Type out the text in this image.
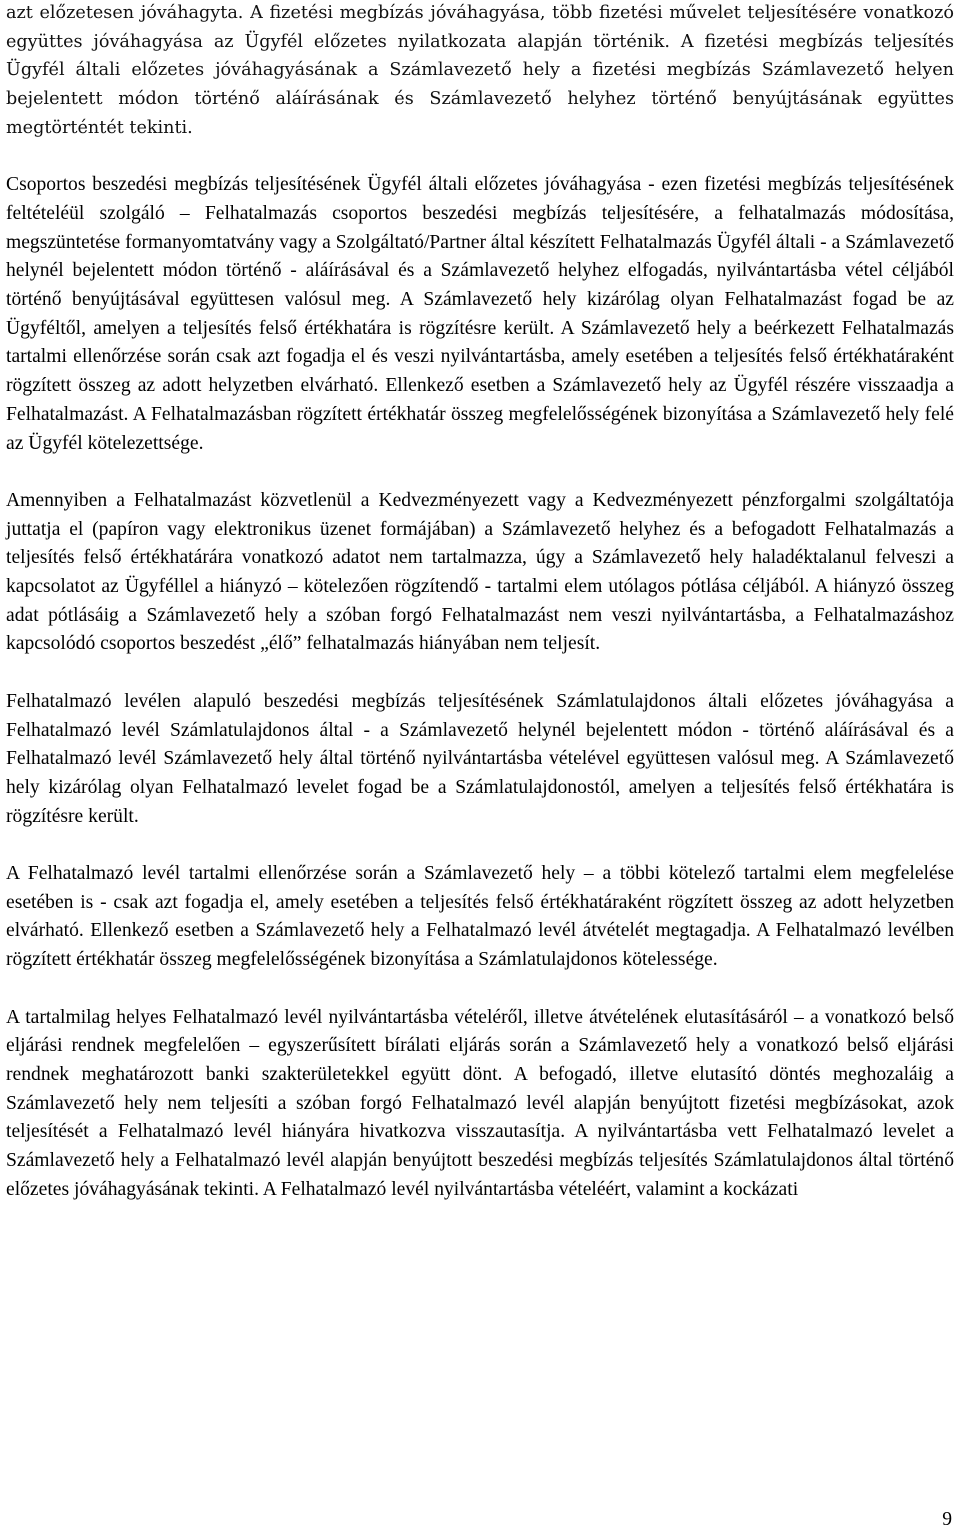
azt előzetesen jóváhagyta. A fizetési megbízás jóváhagyása, több fizetési művelet teljesítésére vonatkozó együttes jóváhagyása az Ügyfél előzetes nyilatkozata alapján történik. A fizetési megbízás teljesítés Ügyfél általi előzetes jóváhagyásának a Számlavezető hely a fizetési megbízás Számlavezető helyen bejelentett módon történő aláírásának és Számlavezető helyhez történő benyújtásának együttes megtörténtét tekinti.

Csoportos beszedési megbízás teljesítésének Ügyfél általi előzetes jóváhagyása - ezen fizetési megbízás teljesítésének feltételéül szolgáló – Felhatalmazás csoportos beszedési megbízás teljesítésére, a felhatalmazás módosítása, megszüntetése formanyomtatvány vagy a Szolgáltató/Partner által készített Felhatalmazás Ügyfél általi - a Számlavezető helynél bejelentett módon történő - aláírásával és a Számlavezető helyhez elfogadás, nyilvántartásba vétel céljából történő benyújtásával együttesen valósul meg. A Számlavezető hely kizárólag olyan Felhatalmazást fogad be az Ügyféltől, amelyen a teljesítés felső értékhatára is rögzítésre került. A Számlavezető hely a beérkezett Felhatalmazás tartalmi ellenőrzése során csak azt fogadja el és veszi nyilvántartásba, amely esetében a teljesítés felső értékhatáraként rögzített összeg az adott helyzetben elvárható. Ellenkező esetben a Számlavezető hely az Ügyfél részére visszaadja a Felhatalmazást. A Felhatalmazásban rögzített értékhatár összeg megfelelősségének bizonyítása a Számlavezető hely felé az Ügyfél kötelezettsége.

Amennyiben a Felhatalmazást közvetlenül a Kedvezményezett vagy a Kedvezményezett pénzforgalmi szolgáltatója juttatja el (papíron vagy elektronikus üzenet formájában) a Számlavezető helyhez és a befogadott Felhatalmazás a teljesítés felső értékhatárára vonatkozó adatot nem tartalmazza, úgy a Számlavezető hely haladéktalanul felveszi a kapcsolatot az Ügyféllel a hiányzó – kötelezően rögzítendő - tartalmi elem utólagos pótlása céljából. A hiányzó összeg adat pótlásáig a Számlavezető hely a szóban forgó Felhatalmazást nem veszi nyilvántartásba, a Felhatalmazáshoz kapcsolódó csoportos beszedést „élő” felhatalmazás hiányában nem teljesít.

Felhatalmazó levélen alapuló beszedési megbízás teljesítésének Számlatulajdonos általi előzetes jóváhagyása a Felhatalmazó levél Számlatulajdonos által - a Számlavezető helynél bejelentett módon - történő aláírásával és a Felhatalmazó levél Számlavezető hely által történő nyilvántartásba vételével együttesen valósul meg. A Számlavezető hely kizárólag olyan Felhatalmazó levelet fogad be a Számlatulajdonostól, amelyen a teljesítés felső értékhatára is rögzítésre került.

A Felhatalmazó levél tartalmi ellenőrzése során a Számlavezető hely – a többi kötelező tartalmi elem megfelelése esetében is - csak azt fogadja el, amely esetében a teljesítés felső értékhatáraként rögzített összeg az adott helyzetben elvárható. Ellenkező esetben a Számlavezető hely a Felhatalmazó levél átvételét megtagadja. A Felhatalmazó levélben rögzített értékhatár összeg megfelelősségének bizonyítása a Számlatulajdonos kötelessége.

A tartalmilag helyes Felhatalmazó levél nyilvántartásba vételéről, illetve átvételének elutasításáról – a vonatkozó belső eljárási rendnek megfelelően – egyszerűsített bírálati eljárás során a Számlavezető hely a vonatkozó belső eljárási rendnek meghatározott banki szakterületekkel együtt dönt. A befogadó, illetve elutasító döntés meghozaláig a Számlavezető hely nem teljesíti a szóban forgó Felhatalmazó levél alapján benyújtott fizetési megbízásokat, azok teljesítését a Felhatalmazó levél hiányára hivatkozva visszautasítja. A nyilvántartásba vett Felhatalmazó levelet a Számlavezető hely a Felhatalmazó levél alapján benyújtott beszedési megbízás teljesítés Számlatulajdonos által történő előzetes jóváhagyásának tekinti. A Felhatalmazó levél nyilvántartásba vételéért, valamint a kockázati

9
